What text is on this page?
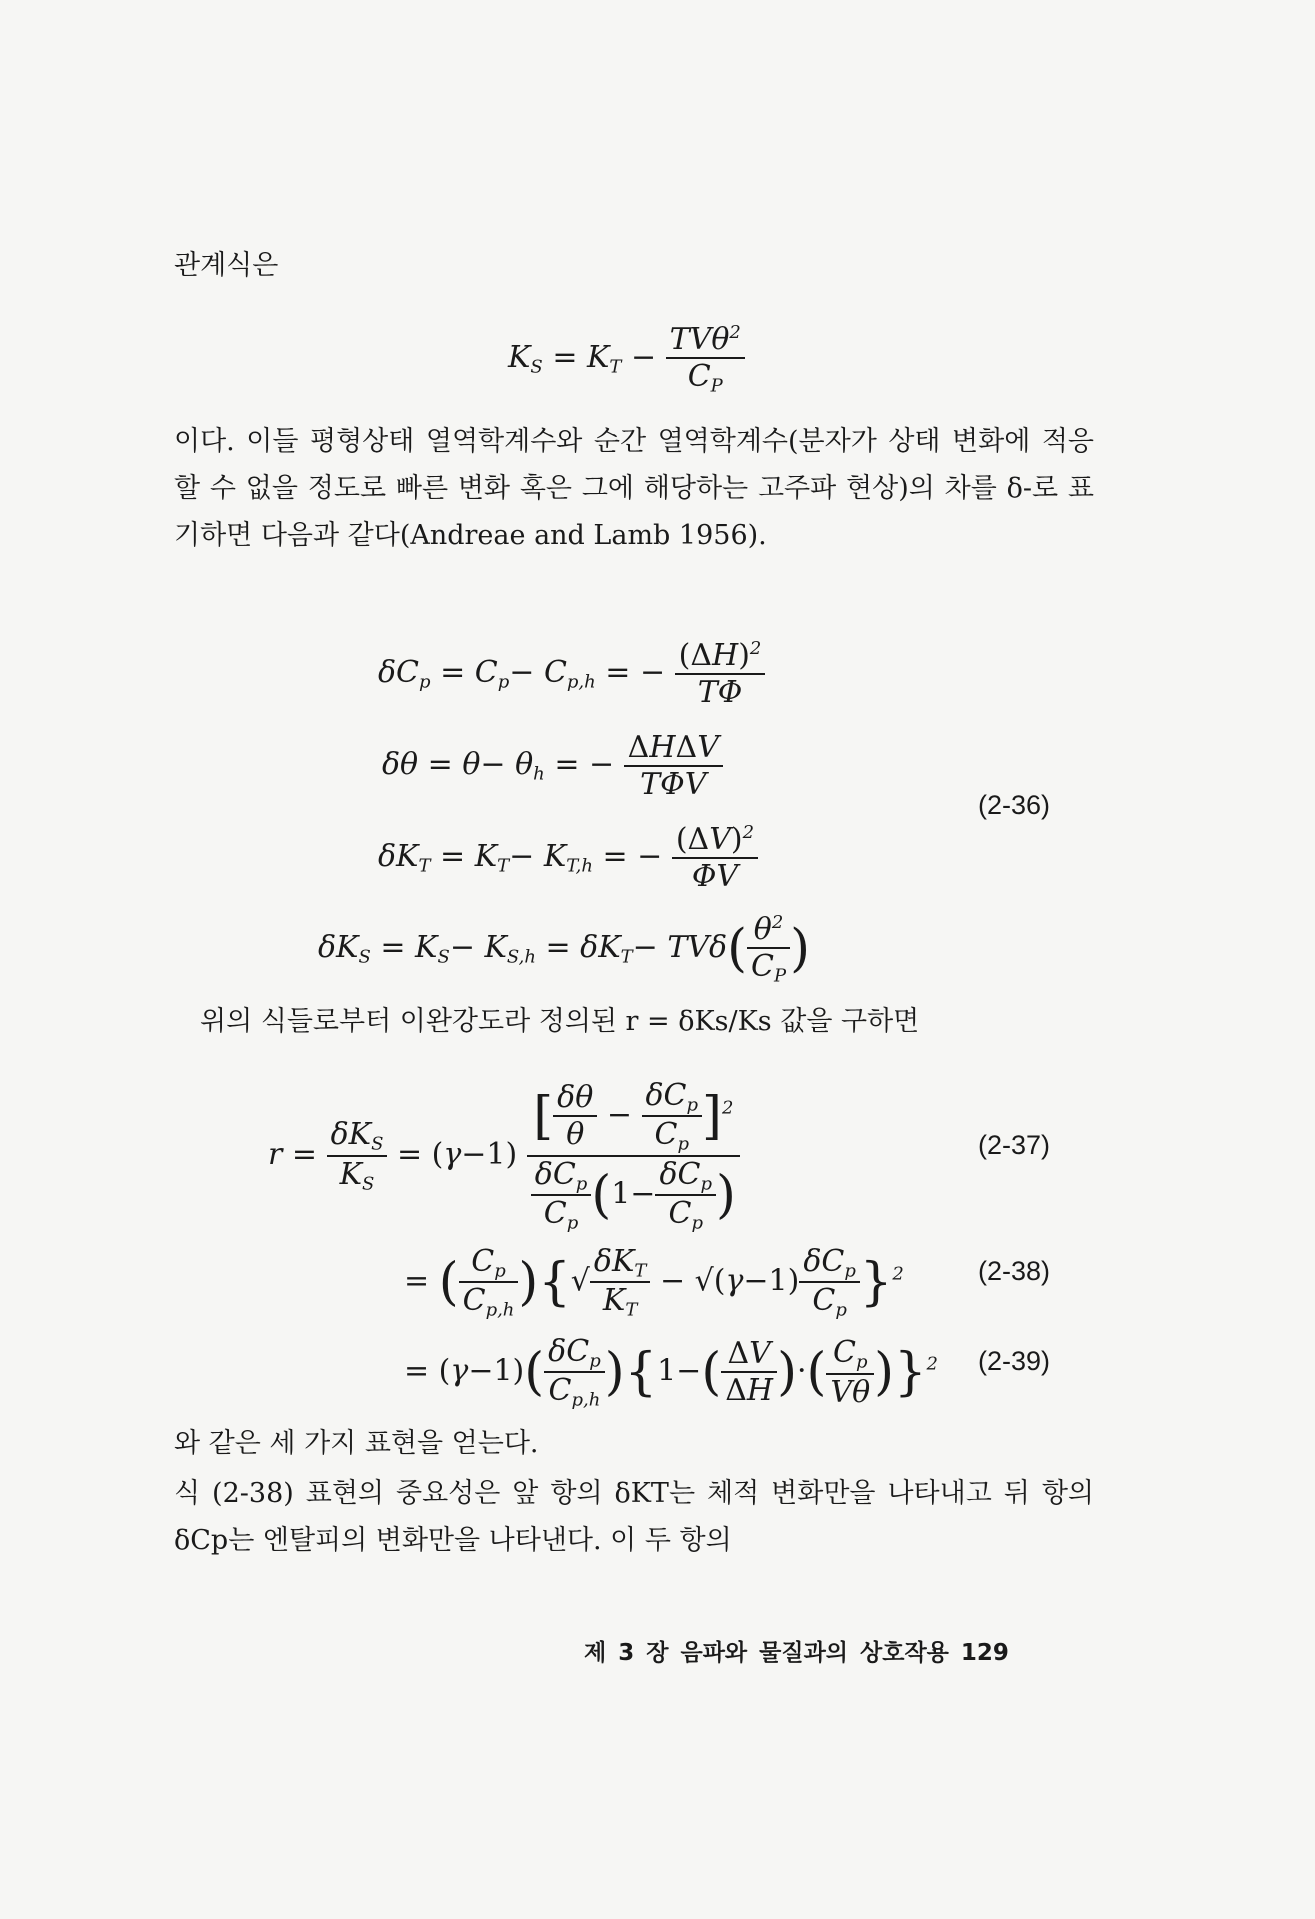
관계식은

$K_S = K_T - \frac{TV\theta^2}{C_P}$

이다. 이들 평형상태 열역학계수와 순간 열역학계수(분자가 상태 변화에 적응할 수 없을 정도로 빠른 변화 혹은 그에 해당하는 고주파 현상)의 차를 δ-로 표기하면 다음과 같다(Andreae and Lamb 1956).

$\delta C_p = C_p- C_{p,h}$ = − $\frac{(\Delta H)^2}{T\Phi}$
$\delta\theta = \theta- \theta_h$ = − $\frac{\text{ΔHΔV}}{\text{TΦV}}$
$\delta K_T = K_T- K_{T,h}$ = − $\frac{(\Delta V)^2}{\Phi V}$
$\delta K_S = K_S- K_{S,h} = \delta K_T- TV\delta( \frac{\theta^2}{C_P}$ )
(2-36)

위의 식들로부터 이완강도라 정의된 r = δKs/Ks 값을 구하면

$r = \frac{\delta K_S}{K_S} = (\gamma-1) \frac{[ \frac{\delta\theta}{\theta} - \frac{\delta C_p}{C_p} ]^2}{\frac{\delta C_p}{C_p} (1- \frac{\delta C_p}{C_p} )}$	(2-37)
= ( $\frac{C_p}{C_{p,h}}$ ){√ $\frac{\delta K_T}{K_T} - √(\gamma-1) \frac{\delta C_p}{C_p} \}^2$	(2-38)
= $(\gamma-1)( \frac{\delta C_p}{C_{p,h}} )\{1-( \frac{\Delta V}{\Delta H}$ )·( $\frac{C_p}{V\theta} )\}^2$ (2-39)

와 같은 세 가지 표현을 얻는다.

식 (2-38) 표현의 중요성은 앞 항의 δKT는 체적 변화만을 나타내고 뒤 항의 δCp는 엔탈피의 변화만을 나타낸다. 이 두 항의

제 3 장 음파와 물질과의 상호작용 129
